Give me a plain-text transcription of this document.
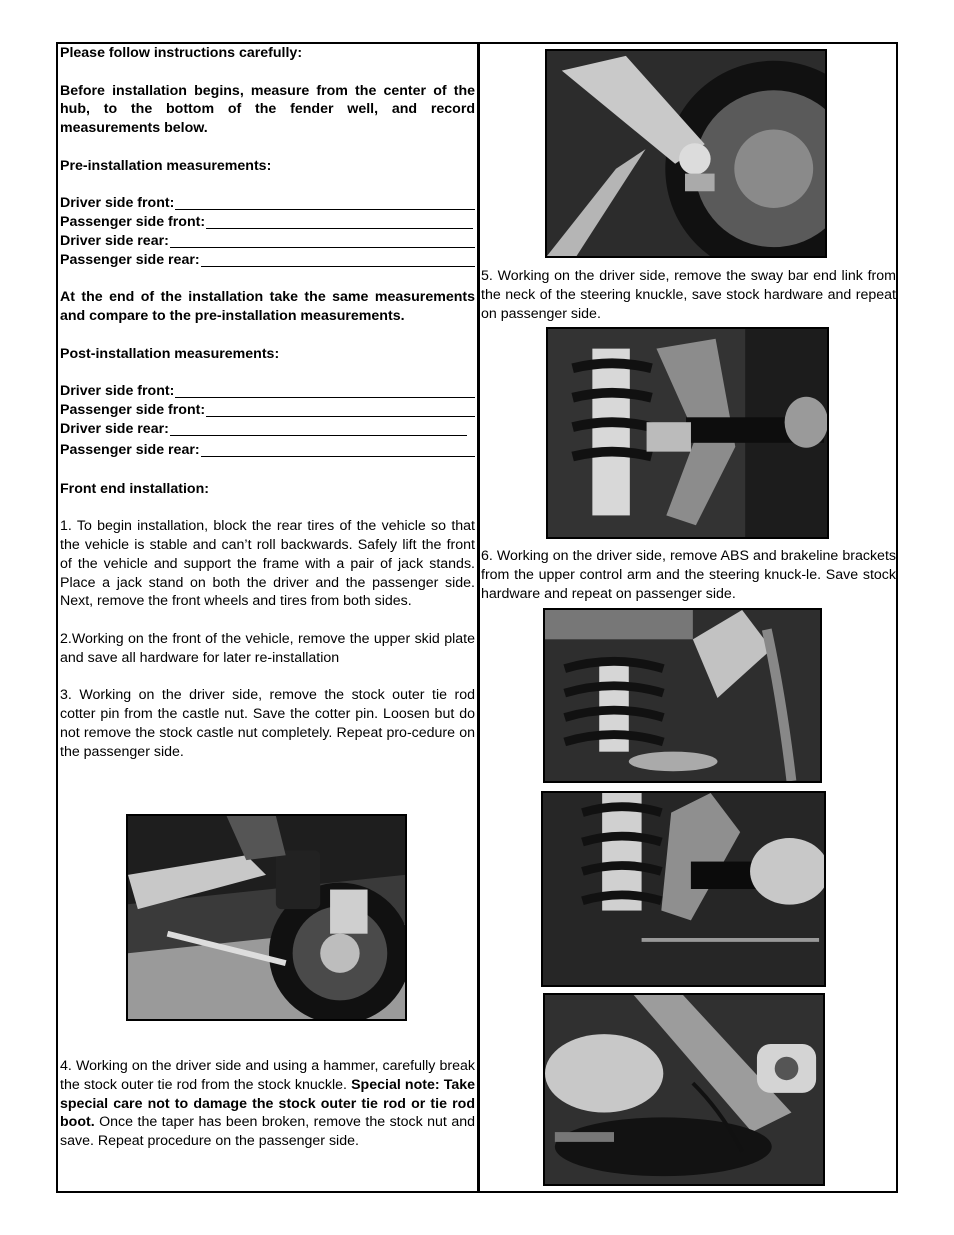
Please follow instructions carefully:

Before installation begins, measure from the center of the hub, to the bottom of the fender well, and record measurements below.

Pre-installation measurements:

Driver side front:
Passenger side front:
Driver side rear:
Passenger side rear:

At the end of the installation take the same measurements and compare to the pre-installation measurements.

Post-installation measurements:

Driver side front:
Passenger side front:
Driver side rear:
Passenger side rear:

Front end installation:

1. To begin installation, block the rear tires of the vehicle so that the vehicle is stable and can’t roll backwards. Safely lift the front of the vehicle and support the frame with a pair of jack stands. Place a jack stand on both the driver and the passenger side. Next, remove the front wheels and tires from both sides.

2.Working on the front of the vehicle, remove the upper skid plate and save all hardware for later re-installation

3. Working on the driver side, remove the stock outer tie rod cotter pin from the castle nut. Save the cotter pin. Loosen but do not remove the stock castle nut completely. Repeat pro-cedure on the passenger side.

4. Working on the driver side and using a hammer, carefully break the stock outer tie rod from the stock knuckle. Special note: Take special care not to damage the stock outer tie rod or tie rod boot. Once the taper has been broken, remove the stock nut and save. Repeat procedure on the passenger side.

5. Working on the driver side, remove the sway bar end link from the neck of the steering knuckle, save stock hardware and repeat on passenger side.

6. Working on the driver side, remove ABS and brakeline brackets from the upper control arm and the steering knuck-le. Save stock hardware and repeat on passenger side.
